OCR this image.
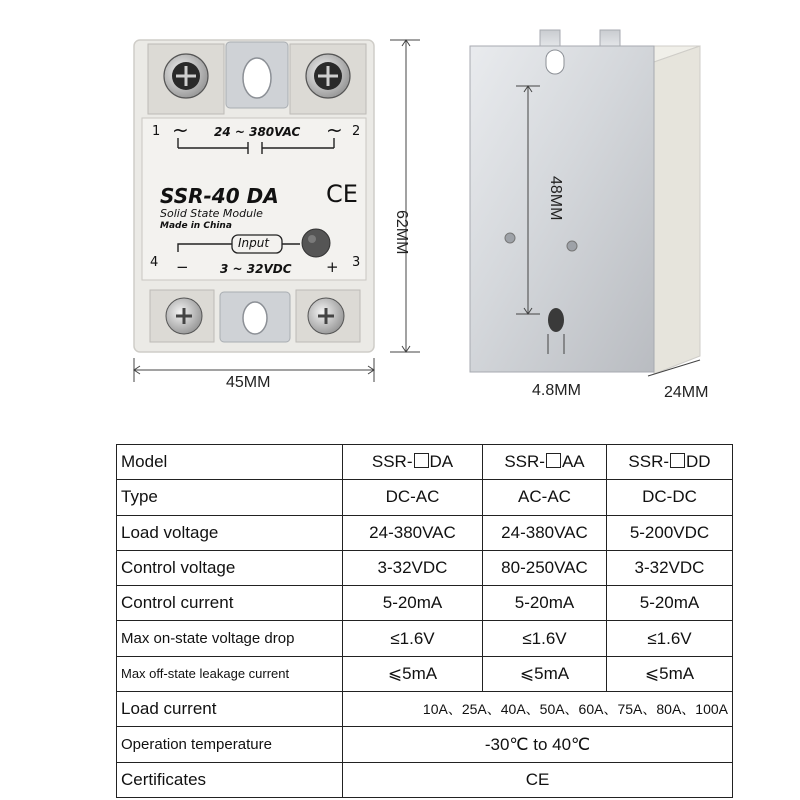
1 ~ 24 ~ 380VAC ~ 2
SSR-40 DA CE
Solid State Module
Made in China
Input
4 −	3 ~ 32VDC + 3
62MM
45MM
48MM
4.8MM	24MM
Model	SSR- DA	SSR- AA	SSR- DD
Type	DC-AC	AC-AC	DC-DC
Load voltage	24-380VAC	24-380VAC	5-200VDC
Control voltage	3-32VDC	80-250VAC	3-32VDC
Control current	5-20mA	5-20mA	5-20mA
Max on-state voltage drop	≤1.6V	≤1.6V	≤1.6V
Max off-state leakage current	⩽5mA	⩽5mA	⩽5mA
Load current	10A、25A、40A、50A、60A、75A、80A、100A		
Operation temperature	-30℃ to 40℃		
Certificates	CE		
